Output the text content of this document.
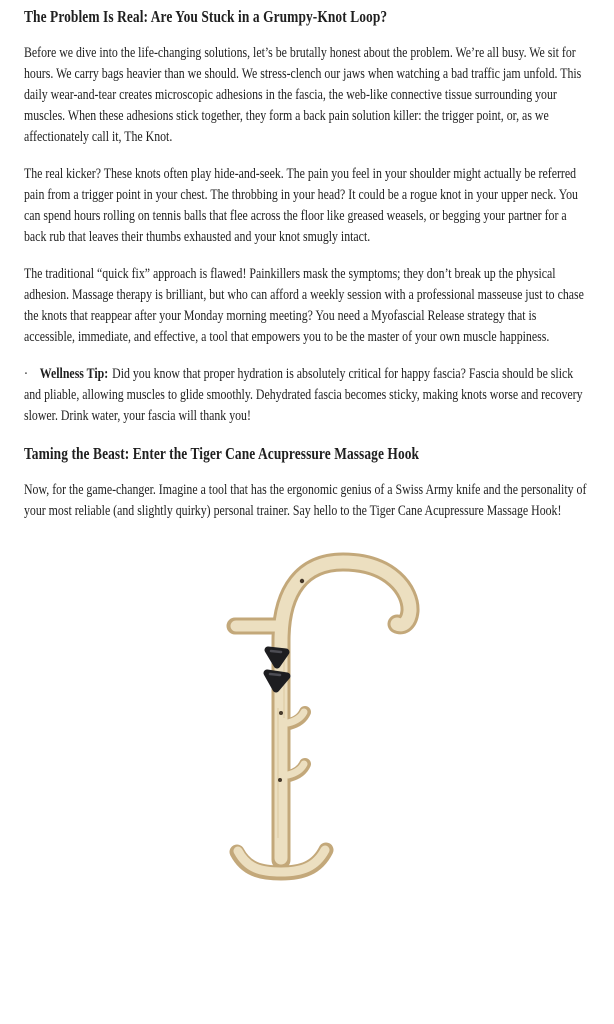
The Problem Is Real: Are You Stuck in a Grumpy-Knot Loop?

Before we dive into the life-changing solutions, let’s be brutally honest about the problem. We’re all busy. We sit for hours. We carry bags heavier than we should. We stress-clench our jaws when watching a bad traffic jam unfold. This daily wear-and-tear creates microscopic adhesions in the fascia, the web-like connective tissue surrounding your muscles. When these adhesions stick together, they form a back pain solution killer: the trigger point, or, as we affectionately call it, The Knot.

The real kicker? These knots often play hide-and-seek. The pain you feel in your shoulder might actually be referred pain from a trigger point in your chest. The throbbing in your head? It could be a rogue knot in your upper neck. You can spend hours rolling on tennis balls that flee across the floor like greased weasels, or begging your partner for a back rub that leaves their thumbs exhausted and your knot smugly intact.

The traditional “quick fix” approach is flawed! Painkillers mask the symptoms; they don’t break up the physical adhesion. Massage therapy is brilliant, but who can afford a weekly session with a professional masseuse just to chase the knots that reappear after your Monday morning meeting? You need a Myofascial Release strategy that is accessible, immediate, and effective, a tool that empowers you to be the master of your own muscle happiness.

· Wellness Tip: Did you know that proper hydration is absolutely critical for happy fascia? Fascia should be slick and pliable, allowing muscles to glide smoothly. Dehydrated fascia becomes sticky, making knots worse and recovery slower. Drink water, your fascia will thank you!

Taming the Beast: Enter the Tiger Cane Acupressure Massage Hook

Now, for the game-changer. Imagine a tool that has the ergonomic genius of a Swiss Army knife and the personality of your most reliable (and slightly quirky) personal trainer. Say hello to the Tiger Cane Acupressure Massage Hook!
